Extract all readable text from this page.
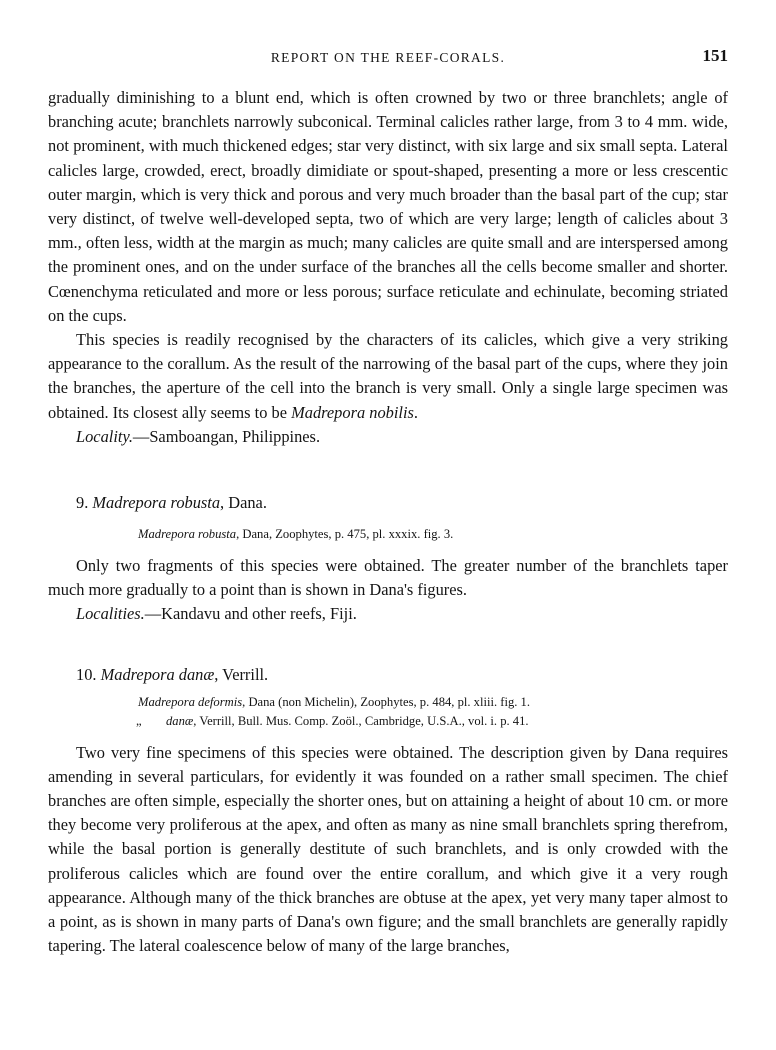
REPORT ON THE REEF-CORALS.	151

gradually diminishing to a blunt end, which is often crowned by two or three branchlets; angle of branching acute; branchlets narrowly subconical. Terminal calicles rather large, from 3 to 4 mm. wide, not prominent, with much thickened edges; star very distinct, with six large and six small septa. Lateral calicles large, crowded, erect, broadly dimidiate or spout-shaped, presenting a more or less crescentic outer margin, which is very thick and porous and very much broader than the basal part of the cup; star very distinct, of twelve well-developed septa, two of which are very large; length of calicles about 3 mm., often less, width at the margin as much; many calicles are quite small and are interspersed among the prominent ones, and on the under surface of the branches all the cells become smaller and shorter. Cœnenchyma reticulated and more or less porous; surface reticulate and echinulate, becoming striated on the cups.

This species is readily recognised by the characters of its calicles, which give a very striking appearance to the corallum. As the result of the narrowing of the basal part of the cups, where they join the branches, the aperture of the cell into the branch is very small. Only a single large specimen was obtained. Its closest ally seems to be Madrepora nobilis.

Locality.—Samboangan, Philippines.

9. Madrepora robusta, Dana.
Madrepora robusta, Dana, Zoophytes, p. 475, pl. xxxix. fig. 3.

Only two fragments of this species were obtained. The greater number of the branchlets taper much more gradually to a point than is shown in Dana's figures.

Localities.—Kandavu and other reefs, Fiji.

10. Madrepora danæ, Verrill.
Madrepora deformis, Dana (non Michelin), Zoophytes, p. 484, pl. xliii. fig. 1.
„ danæ, Verrill, Bull. Mus. Comp. Zoöl., Cambridge, U.S.A., vol. i. p. 41.

Two very fine specimens of this species were obtained. The description given by Dana requires amending in several particulars, for evidently it was founded on a rather small specimen. The chief branches are often simple, especially the shorter ones, but on attaining a height of about 10 cm. or more they become very proliferous at the apex, and often as many as nine small branchlets spring therefrom, while the basal portion is generally destitute of such branchlets, and is only crowded with the proliferous calicles which are found over the entire corallum, and which give it a very rough appearance. Although many of the thick branches are obtuse at the apex, yet very many taper almost to a point, as is shown in many parts of Dana's own figure; and the small branchlets are generally rapidly tapering. The lateral coalescence below of many of the large branches,
